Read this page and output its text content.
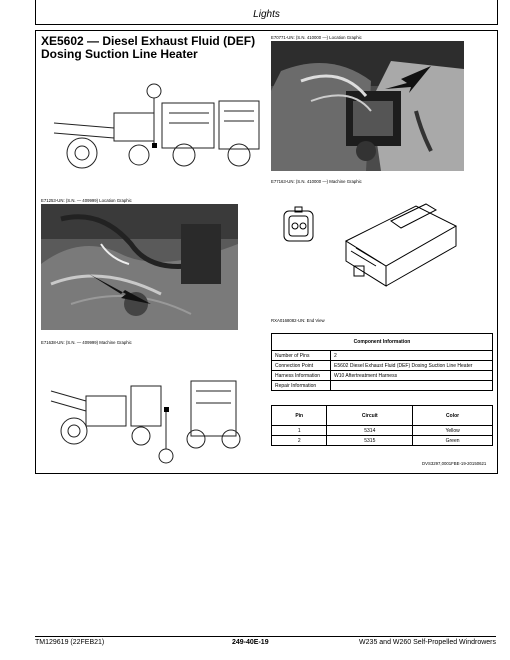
Lights
XE5602 — Diesel Exhaust Fluid (DEF) Dosing Suction Line Heater
E70771-UN: (S.N. 410000 —) Location Graphic
E77163-UN: (S.N. 410000 —) Machine Graphic
RXA0168082-UN: End View
E71253-UN: (S.N. — 409999) Location Graphic
Component Information	
Number of Pins	2
Connection Point	E5602 Diesel Exhaust Fluid (DEF) Dosing Suction Line Heater
Harness Information	W10 Aftertreatment Harness
Repair Information	
Pin	Circuit	Color
1	5314	Yellow
2	5315	Green
E71638-UN: (S.N. — 409999) Machine Graphic
DVS3297,0001FBE-19-20150621
TM129619 (22FEB21)	249-40E-19	W235 and W260 Self-Propelled Windrowers
